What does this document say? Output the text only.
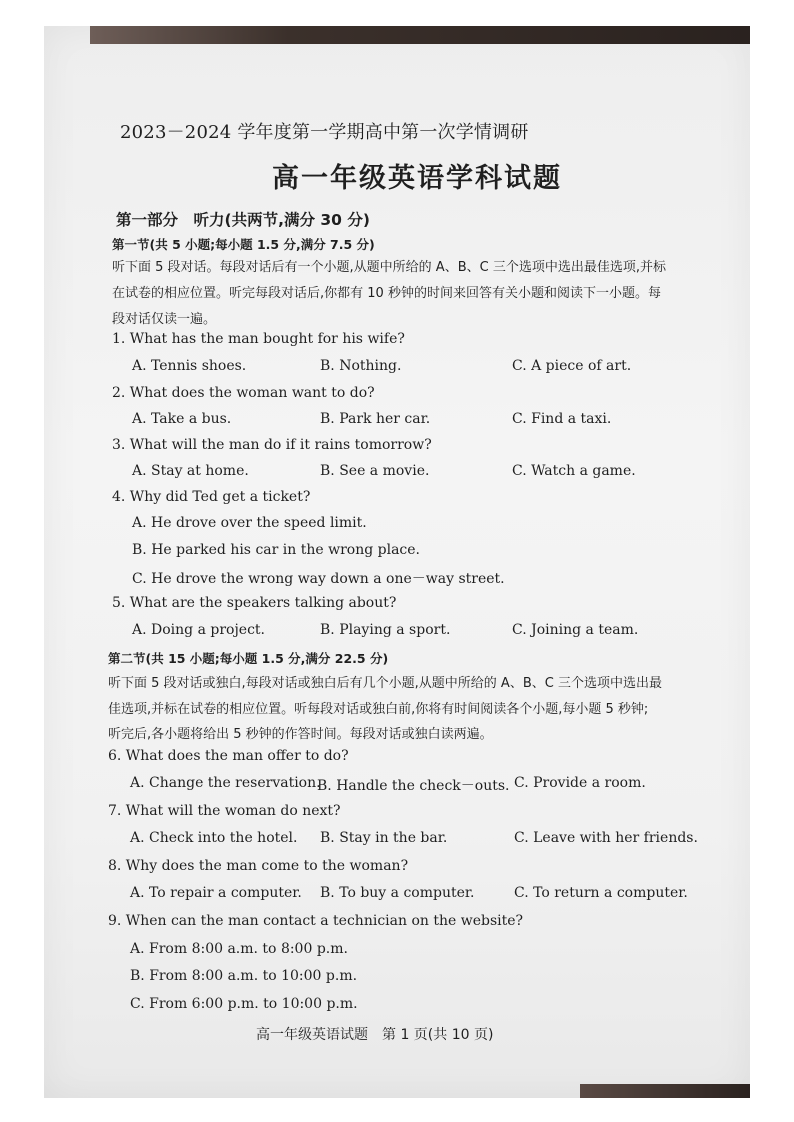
2023－2024 学年度第一学期高中第一次学情调研
高一年级英语学科试题
第一部分　听力(共两节,满分 30 分)
第一节(共 5 小题;每小题 1.5 分,满分 7.5 分)
听下面 5 段对话。每段对话后有一个小题,从题中所给的 A、B、C 三个选项中选出最佳选项,并标
在试卷的相应位置。听完每段对话后,你都有 10 秒钟的时间来回答有关小题和阅读下一小题。每
段对话仅读一遍。
1. What has the man bought for his wife?
A. Tennis shoes.	B. Nothing.	C. A piece of art.
2. What does the woman want to do?
A. Take a bus.	B. Park her car.	C. Find a taxi.
3. What will the man do if it rains tomorrow?
A. Stay at home.	B. See a movie.	C. Watch a game.
4. Why did Ted get a ticket?
A. He drove over the speed limit.
B. He parked his car in the wrong place.
C. He drove the wrong way down a one－way street.
5. What are the speakers talking about?
A. Doing a project.	B. Playing a sport.	C. Joining a team.
第二节(共 15 小题;每小题 1.5 分,满分 22.5 分)
听下面 5 段对话或独白,每段对话或独白后有几个小题,从题中所给的 A、B、C 三个选项中选出最
佳选项,并标在试卷的相应位置。听每段对话或独白前,你将有时间阅读各个小题,每小题 5 秒钟;
听完后,各小题将给出 5 秒钟的作答时间。每段对话或独白读两遍。
6. What does the man offer to do?
A. Change the reservation.
B. Handle the check－outs. C. Provide a room.
7. What will the woman do next?
A. Check into the hotel. B. Stay in the bar.	C. Leave with her friends.
8. Why does the man come to the woman?
A. To repair a computer. B. To buy a computer.	C. To return a computer.
9. When can the man contact a technician on the website?
A. From 8:00 a.m. to 8:00 p.m.
B. From 8:00 a.m. to 10:00 p.m.
C. From 6:00 p.m. to 10:00 p.m.
高一年级英语试题　第 1 页(共 10 页)
